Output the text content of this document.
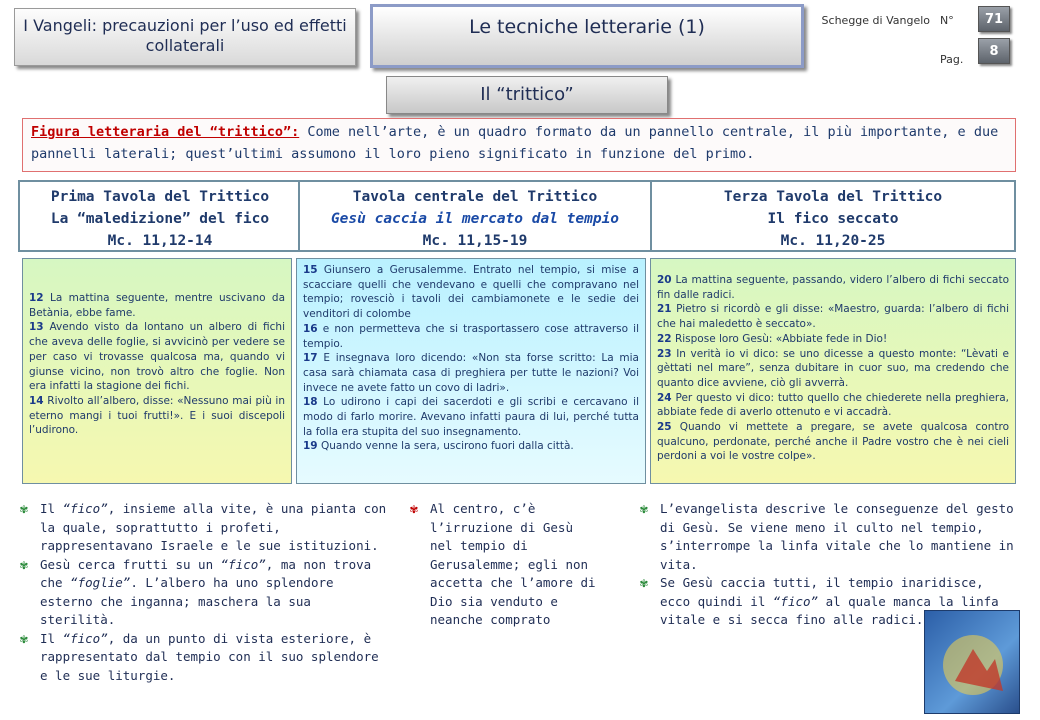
I Vangeli: precauzioni per l’uso ed effetti collaterali
Le tecniche letterarie (1)	Schegge di Vangelo N°	71
Pag.
8
Il “trittico”
Figura letteraria del “trittico”: Come nell’arte, è un quadro formato da un pannello centrale, il più importante, e due pannelli laterali; quest’ultimi assumono il loro pieno significato in funzione del primo.
Prima Tavola del Trittico
La “maledizione” del fico
Mc. 11,12-14
Tavola centrale del Trittico
Gesù caccia il mercato dal tempio
Mc. 11,15-19
Terza Tavola del Trittico
Il fico seccato
Mc. 11,20-25
12 La mattina seguente, mentre uscivano da Betània, ebbe fame.
13 Avendo visto da lontano un albero di fichi che aveva delle foglie, si avvicinò per vedere se per caso vi trovasse qualcosa ma, quando vi giunse vicino, non trovò altro che foglie. Non era infatti la stagione dei fichi.
14 Rivolto all’albero, disse: «Nessuno mai più in eterno mangi i tuoi frutti!». E i suoi discepoli l’udirono.
15 Giunsero a Gerusalemme. Entrato nel tempio, si mise a scacciare quelli che vendevano e quelli che compravano nel tempio; rovesciò i tavoli dei cambiamonete e le sedie dei venditori di colombe
16 e non permetteva che si trasportassero cose attraverso il tempio.
17 E insegnava loro dicendo: «Non sta forse scritto: La mia casa sarà chiamata casa di preghiera per tutte le nazioni? Voi invece ne avete fatto un covo di ladri».
18 Lo udirono i capi dei sacerdoti e gli scribi e cercavano il modo di farlo morire. Avevano infatti paura di lui, perché tutta la folla era stupita del suo insegnamento.
19 Quando venne la sera, uscirono fuori dalla città.
20 La mattina seguente, passando, videro l’albero di fichi seccato fin dalle radici.
21 Pietro si ricordò e gli disse: «Maestro, guarda: l’albero di fichi che hai maledetto è seccato».
22 Rispose loro Gesù: «Abbiate fede in Dio!
23 In verità io vi dico: se uno dicesse a questo monte: “Lèvati e gèttati nel mare”, senza dubitare in cuor suo, ma credendo che quanto dice avviene, ciò gli avverrà.
24 Per questo vi dico: tutto quello che chiederete nella preghiera, abbiate fede di averlo ottenuto e vi accadrà.
25 Quando vi mettete a pregare, se avete qualcosa contro qualcuno, perdonate, perché anche il Padre vostro che è nei cieli perdoni a voi le vostre colpe».
✾ Il “fico”, insieme alla vite, è una pianta con la quale, soprattutto i profeti, rappresentavano Israele e le sue istituzioni.
✾ Gesù cerca frutti su un “fico”, ma non trova che “foglie”. L’albero ha uno splendore esterno che inganna; maschera la sua sterilità.
✾ Il “fico”, da un punto di vista esteriore, è rappresentato dal tempio con il suo splendore e le sue liturgie.
✾ Al centro, c’è l’irruzione di Gesù nel tempio di Gerusalemme; egli non accetta che l’amore di Dio sia venduto e neanche comprato
✾ L’evangelista descrive le conseguenze del gesto di Gesù. Se viene meno il culto nel tempio, s’interrompe la linfa vitale che lo mantiene in vita.
✾ Se Gesù caccia tutti, il tempio inaridisce, ecco quindi il “fico” al quale manca la linfa vitale e si secca fino alle radici.
